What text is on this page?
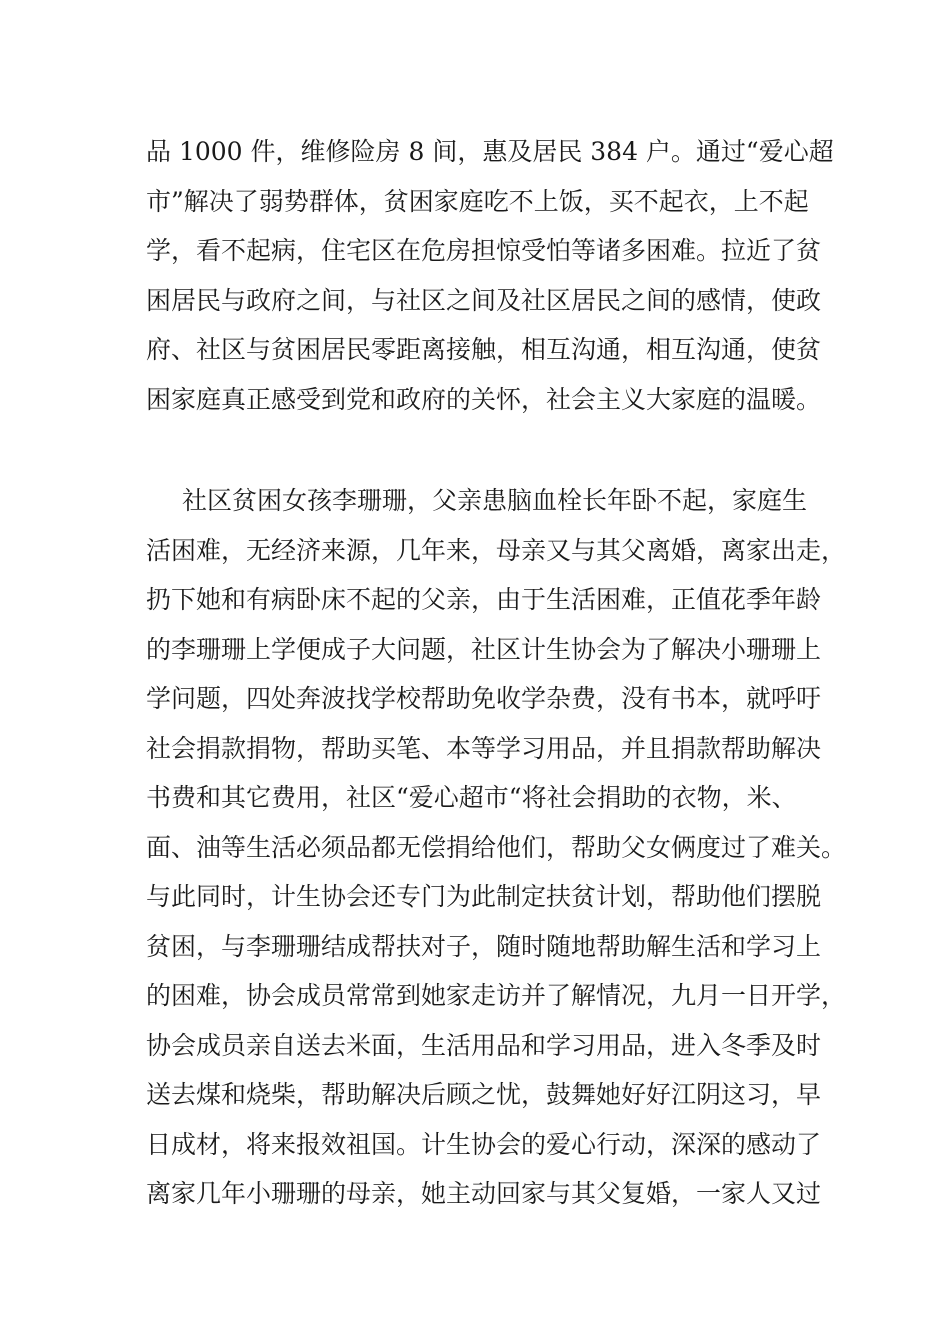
品 1000 件，维修险房 8 间，惠及居民 384 户。通过“爱心超
市”解决了弱势群体，贫困家庭吃不上饭，买不起衣，上不起
学，看不起病，住宅区在危房担惊受怕等诸多困难。拉近了贫
困居民与政府之间，与社区之间及社区居民之间的感情，使政
府、社区与贫困居民零距离接触，相互沟通，相互沟通，使贫
困家庭真正感受到党和政府的关怀，社会主义大家庭的温暖。
社区贫困女孩李珊珊，父亲患脑血栓长年卧不起，家庭生
活困难，无经济来源，几年来，母亲又与其父离婚，离家出走，
扔下她和有病卧床不起的父亲，由于生活困难，正值花季年龄
的李珊珊上学便成子大问题，社区计生协会为了解决小珊珊上
学问题，四处奔波找学校帮助免收学杂费，没有书本，就呼吁
社会捐款捐物，帮助买笔、本等学习用品，并且捐款帮助解决
书费和其它费用，社区“爱心超市“将社会捐助的衣物，米、
面、油等生活必须品都无偿捐给他们，帮助父女俩度过了难关。
与此同时，计生协会还专门为此制定扶贫计划，帮助他们摆脱
贫困，与李珊珊结成帮扶对子，随时随地帮助解生活和学习上
的困难，协会成员常常到她家走访并了解情况，九月一日开学，
协会成员亲自送去米面，生活用品和学习用品，进入冬季及时
送去煤和烧柴，帮助解决后顾之忧，鼓舞她好好江阴这习，早
日成材，将来报效祖国。计生协会的爱心行动，深深的感动了
离家几年小珊珊的母亲，她主动回家与其父复婚，一家人又过
